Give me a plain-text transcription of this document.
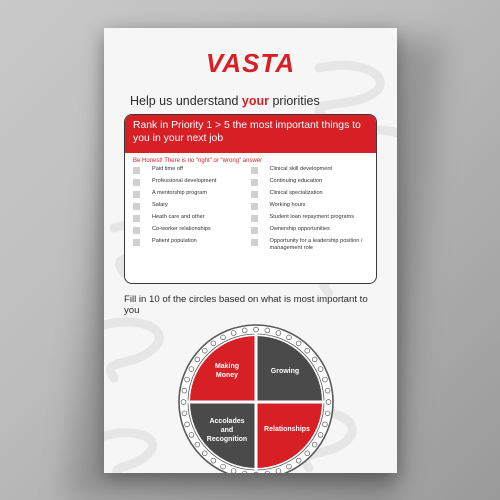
VASTA
Help us understand your priorities
Rank in Priority 1 > 5 the most important things to you in your next job
Be Honest! There is no "right" or "wrong" answer
Paid time off
Professional development
A mentorship program
Salary
Heath care and other
Co-worker relationships
Patient population
Clinical skill development
Continuing education
Clinical specialization
Working hours
Student loan repayment programs
Ownership opportunities
Opportunity for a leadership position / management role
Fill in 10 of the circles based on what is most important to you
Making Money
Growing
Accolades and Recognition
Relationships
